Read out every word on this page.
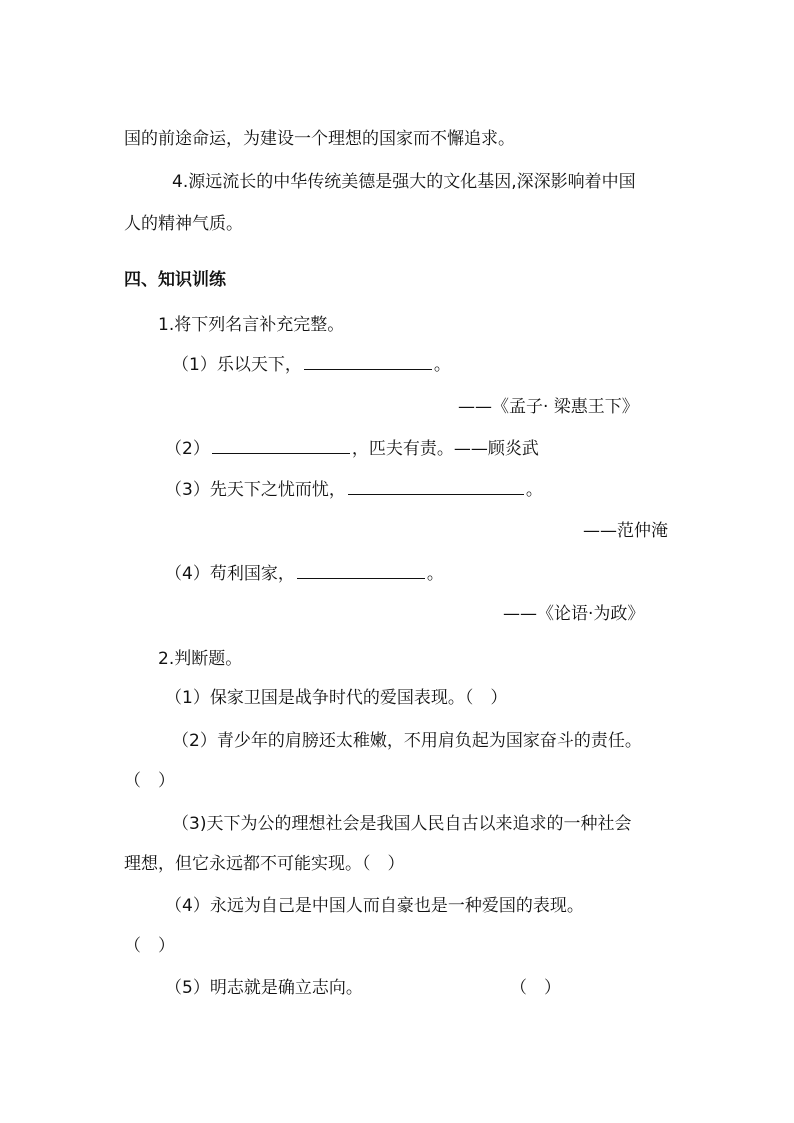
国的前途命运，为建设一个理想的国家而不懈追求。
4.源远流长的中华传统美德是强大的文化基因,深深影响着中国
人的精神气质。
四、知识训练
1.将下列名言补充完整。
（1）乐以天下，	。
——《孟子· 梁惠王下》
（2）	，匹夫有责。——顾炎武
（3）先天下之忧而忧，	。
——范仲淹
（4）苟利国家，	。
——《论语·为政》
2.判断题。
（1）保家卫国是战争时代的爱国表现。（　）
（2）青少年的肩膀还太稚嫩，不用肩负起为国家奋斗的责任。
（　）
（3)天下为公的理想社会是我国人民自古以来追求的一种社会
理想，但它永远都不可能实现。（　）
（4）永远为自己是中国人而自豪也是一种爱国的表现。
（　）
（5）明志就是确立志向。	（　）
